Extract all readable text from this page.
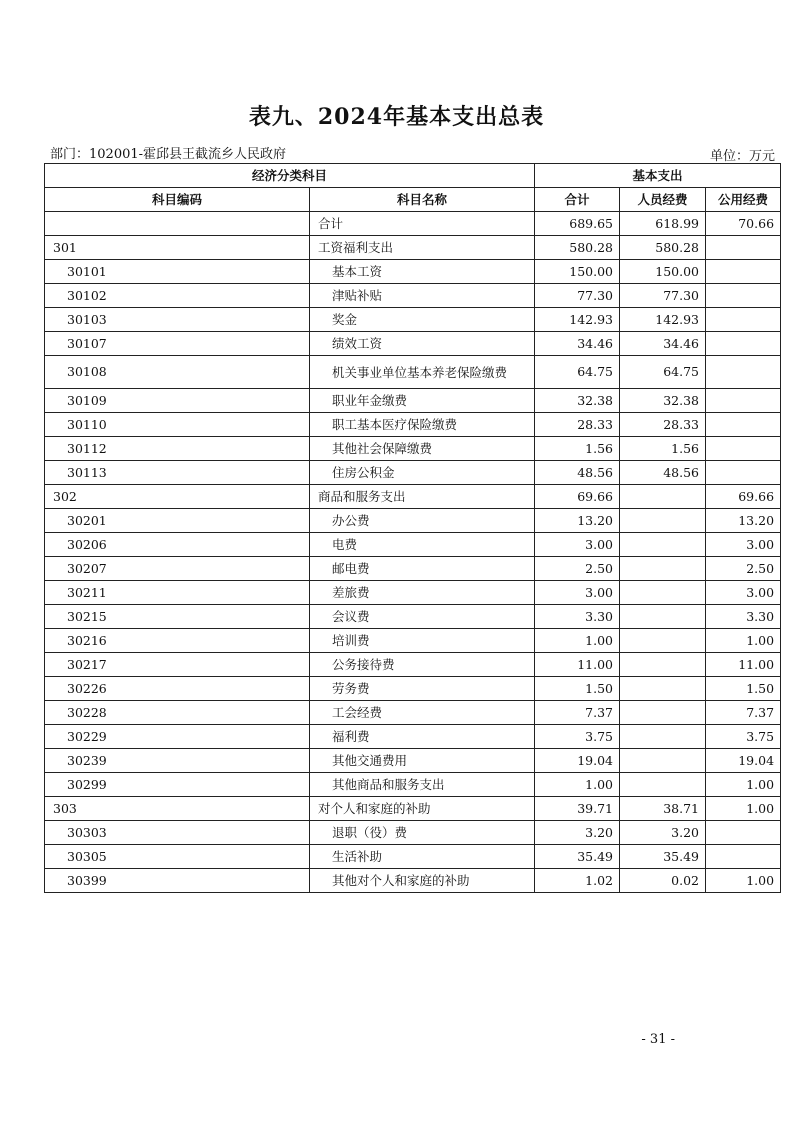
表九、2024年基本支出总表
部门：102001-霍邱县王截流乡人民政府	单位：万元
经济分类科目		基本支出		
科目编码	科目名称	合计	人员经费	公用经费
	合计	689.65	618.99	70.66
301	工资福利支出	580.28	580.28	
30101	基本工资	150.00	150.00	
30102	津贴补贴	77.30	77.30	
30103	奖金	142.93	142.93	
30107	绩效工资	34.46	34.46	
30108	机关事业单位基本养老保险缴费	64.75	64.75	
30109	职业年金缴费	32.38	32.38	
30110	职工基本医疗保险缴费	28.33	28.33	
30112	其他社会保障缴费	1.56	1.56	
30113	住房公积金	48.56	48.56	
302	商品和服务支出	69.66		69.66
30201	办公费	13.20		13.20
30206	电费	3.00		3.00
30207	邮电费	2.50		2.50
30211	差旅费	3.00		3.00
30215	会议费	3.30		3.30
30216	培训费	1.00		1.00
30217	公务接待费	11.00		11.00
30226	劳务费	1.50		1.50
30228	工会经费	7.37		7.37
30229	福利费	3.75		3.75
30239	其他交通费用	19.04		19.04
30299	其他商品和服务支出	1.00		1.00
303	对个人和家庭的补助	39.71	38.71	1.00
30303	退职（役）费	3.20	3.20	
30305	生活补助	35.49	35.49	
30399	其他对个人和家庭的补助	1.02	0.02	1.00
- 31 -
